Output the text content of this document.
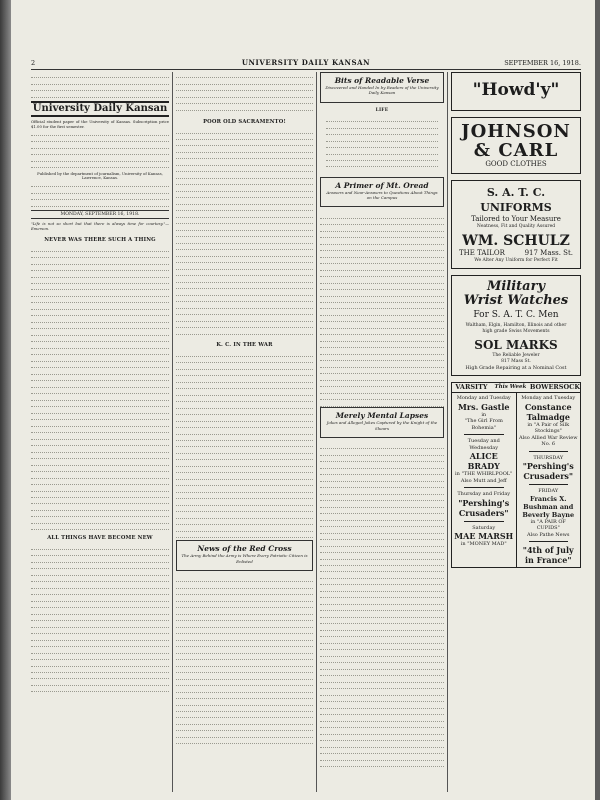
2	UNIVERSITY DAILY KANSAN	SEPTEMBER 16, 1918.
University Daily Kansan
Official student paper of the University of Kansas. Subscription price $1.00 for the first semester.
Published by the department of journalism, University of Kansas, Lawrence, Kansas.
MONDAY, SEPTEMBER 16, 1918.
"Life is not so short but that there is always time for courtesy."—Emerson.
NEVER WAS THERE SUCH A THING
ALL THINGS HAVE BECOME NEW
POOR OLD SACRAMENTO!
K. C. IN THE WAR
News of the Red Cross
The Army Behind the Army is Where Every Patriotic Citizen is Enlisted
Bits of Readable Verse
Discovered and Handed In by Readers of the University Daily Kansan
LIFE
A Primer of Mt. Oread
Answers and Near-Answers to Questions About Things on the Campus
Merely Mental Lapses
Jokes and Alleged Jokes Captured by the Knight of the Shears
"Howd'y"
JOHNSON
& CARL
GOOD CLOTHES
S. A. T. C. UNIFORMS
Tailored to Your Measure
Neatness, Fit and Quality Assured
WM. SCHULZ
THE TAILOR	917 Mass. St.
We Alter Any Uniform for Perfect Fit
Military
Wrist Watches
For S. A. T. C. Men
Waltham, Elgin, Hamilton, Illinois and other high grade Swiss Movements
SOL MARKS
The Reliable Jeweler
817 Mass St.
High Grade Repairing at a Nominal Cost
VARSITY	This Week BOWERSOCK
Monday and Tuesday
Mrs. Gastle
in
"The Girl From Bohemia"
Tuesday and Wednesday
ALICE BRADY
in "THE WHIRLPOOL"
Also Mutt and Jeff
Thursday and Friday
"Pershing's Crusaders"
Saturday
MAE MARSH
in "MONEY MAD"
Monday and Tuesday
Constance Talmadge
in "A Pair of Silk Stockings"
Also Allied War Review No. 6
THURSDAY
"Pershing's Crusaders"
FRIDAY
Francis X. Bushman and Beverly Bayne
in "A PAIR OF CUPIDS"
Also Pathe News
"4th of July in France"
